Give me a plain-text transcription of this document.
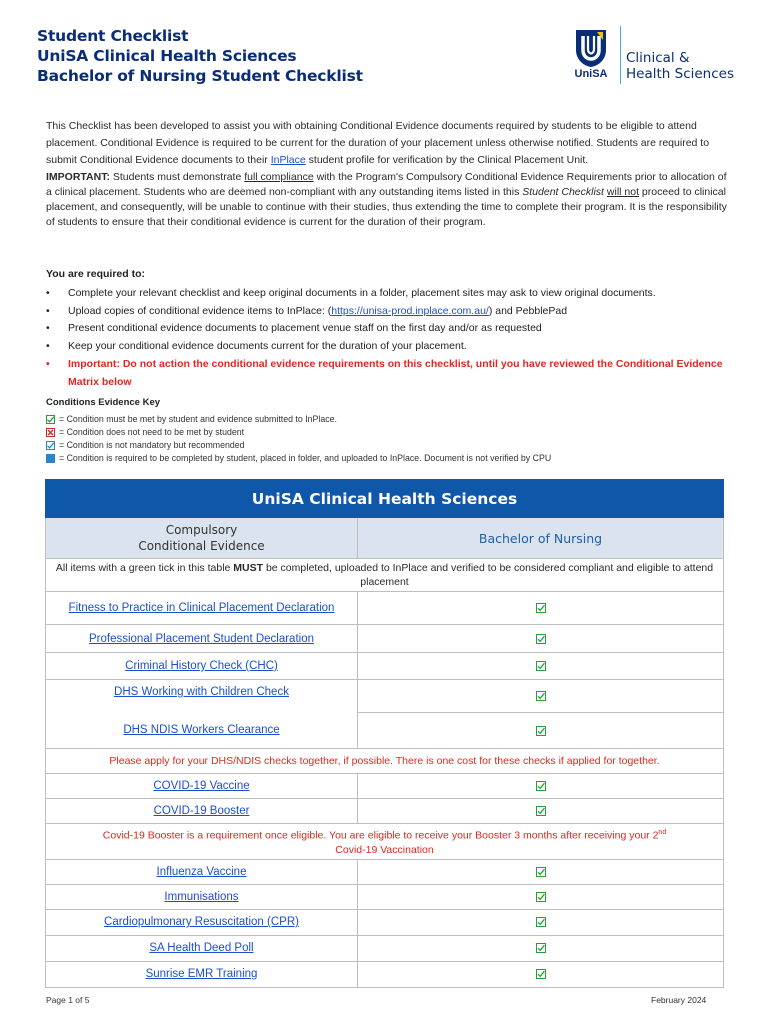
Student Checklist
UniSA Clinical Health Sciences
Bachelor of Nursing Student Checklist	UniSA
Clinical &
Health Sciences

This Checklist has been developed to assist you with obtaining Conditional Evidence documents required by students to be eligible to attend placement. Conditional Evidence is required to be current for the duration of your placement unless otherwise notified. Students are required to submit Conditional Evidence documents to their InPlace student profile for verification by the Clinical Placement Unit.

IMPORTANT: Students must demonstrate full compliance with the Program's Compulsory Conditional Evidence Requirements prior to allocation of a clinical placement. Students who are deemed non-compliant with any outstanding items listed in this Student Checklist will not proceed to clinical placement, and consequently, will be unable to continue with their studies, thus extending the time to complete their program. It is the responsibility of students to ensure that their conditional evidence is current for the duration of their program.

You are required to:
• Complete your relevant checklist and keep original documents in a folder, placement sites may ask to view original documents.
• Upload copies of conditional evidence items to InPlace: (https://unisa-prod.inplace.com.au/) and PebblePad
• Present conditional evidence documents to placement venue staff on the first day and/or as requested
• Keep your conditional evidence documents current for the duration of your placement.
• Important: Do not action the conditional evidence requirements on this checklist, until you have reviewed the Conditional Evidence Matrix below
Conditions Evidence Key
= Condition must be met by student and evidence submitted to InPlace.
= Condition does not need to be met by student
= Condition is not mandatory but recommended
= Condition is required to be completed by student, placed in folder, and uploaded to InPlace. Document is not verified by CPU
UniSA Clinical Health Sciences	

Compulsory
Conditional Evidence	Bachelor of Nursing
All items with a green tick in this table MUST be completed, uploaded to InPlace and verified to be considered compliant and eligible to attend placement	
Fitness to Practice in Clinical Placement Declaration	
Professional Placement Student Declaration	
Criminal History Check (CHC)	
DHS Working with Children Check	
DHS NDIS Workers Clearance	
Please apply for your DHS/NDIS checks together, if possible. There is one cost for these checks if applied for together.	
COVID-19 Vaccine	
COVID-19 Booster	
Covid-19 Booster is a requirement once eligible. You are eligible to receive your Booster 3 months after receiving your 2nd
Covid-19 Vaccination	
Influenza Vaccine	
Immunisations	
Cardiopulmonary Resuscitation (CPR)	
SA Health Deed Poll	
Sunrise EMR Training	
Page 1 of 5	February 2024
